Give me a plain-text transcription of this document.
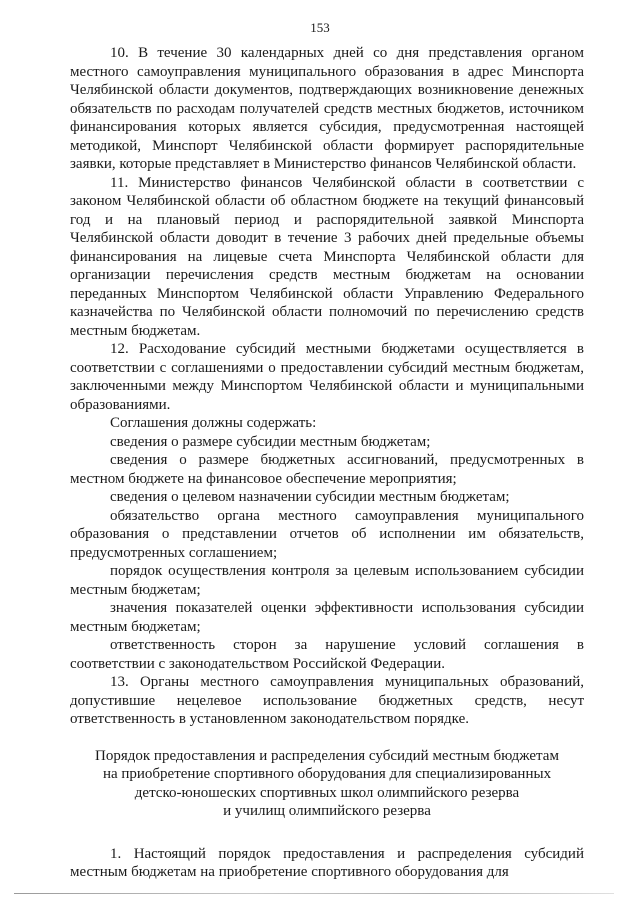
153

10. В течение 30 календарных дней со дня представления органом местного самоуправления муниципального образования в адрес Минспорта Челябинской области документов, подтверждающих возникновение денежных обязательств по расходам получателей средств местных бюджетов, источником финансирования которых является субсидия, предусмотренная настоящей методикой, Минспорт Челябинской области формирует распорядительные заявки, которые представляет в Министерство финансов Челябинской области.

11. Министерство финансов Челябинской области в соответствии с законом Челябинской области об областном бюджете на текущий финансовый год и на плановый период и распорядительной заявкой Минспорта Челябинской области доводит в течение 3 рабочих дней предельные объемы финансирования на лицевые счета Минспорта Челябинской области для организации перечисления средств местным бюджетам на основании переданных Минспортом Челябинской области Управлению Федерального казначейства по Челябинской области полномочий по перечислению средств местным бюджетам.

12. Расходование субсидий местными бюджетами осуществляется в соответствии с соглашениями о предоставлении субсидий местным бюджетам, заключенными между Минспортом Челябинской области и муниципальными образованиями.

Соглашения должны содержать:

сведения о размере субсидии местным бюджетам;

сведения о размере бюджетных ассигнований, предусмотренных в местном бюджете на финансовое обеспечение мероприятия;

сведения о целевом назначении субсидии местным бюджетам;

обязательство органа местного самоуправления муниципального образования о представлении отчетов об исполнении им обязательств, предусмотренных соглашением;

порядок осуществления контроля за целевым использованием субсидии местным бюджетам;

значения показателей оценки эффективности использования субсидии местным бюджетам;

ответственность сторон за нарушение условий соглашения в соответствии с законодательством Российской Федерации.

13. Органы местного самоуправления муниципальных образований, допустившие нецелевое использование бюджетных средств, несут ответственность в установленном законодательством порядке.

Порядок предоставления и распределения субсидий местным бюджетам
на приобретение спортивного оборудования для специализированных
детско-юношеских спортивных школ олимпийского резерва
и училищ олимпийского резерва

1. Настоящий порядок предоставления и распределения субсидий местным бюджетам на приобретение спортивного оборудования для
